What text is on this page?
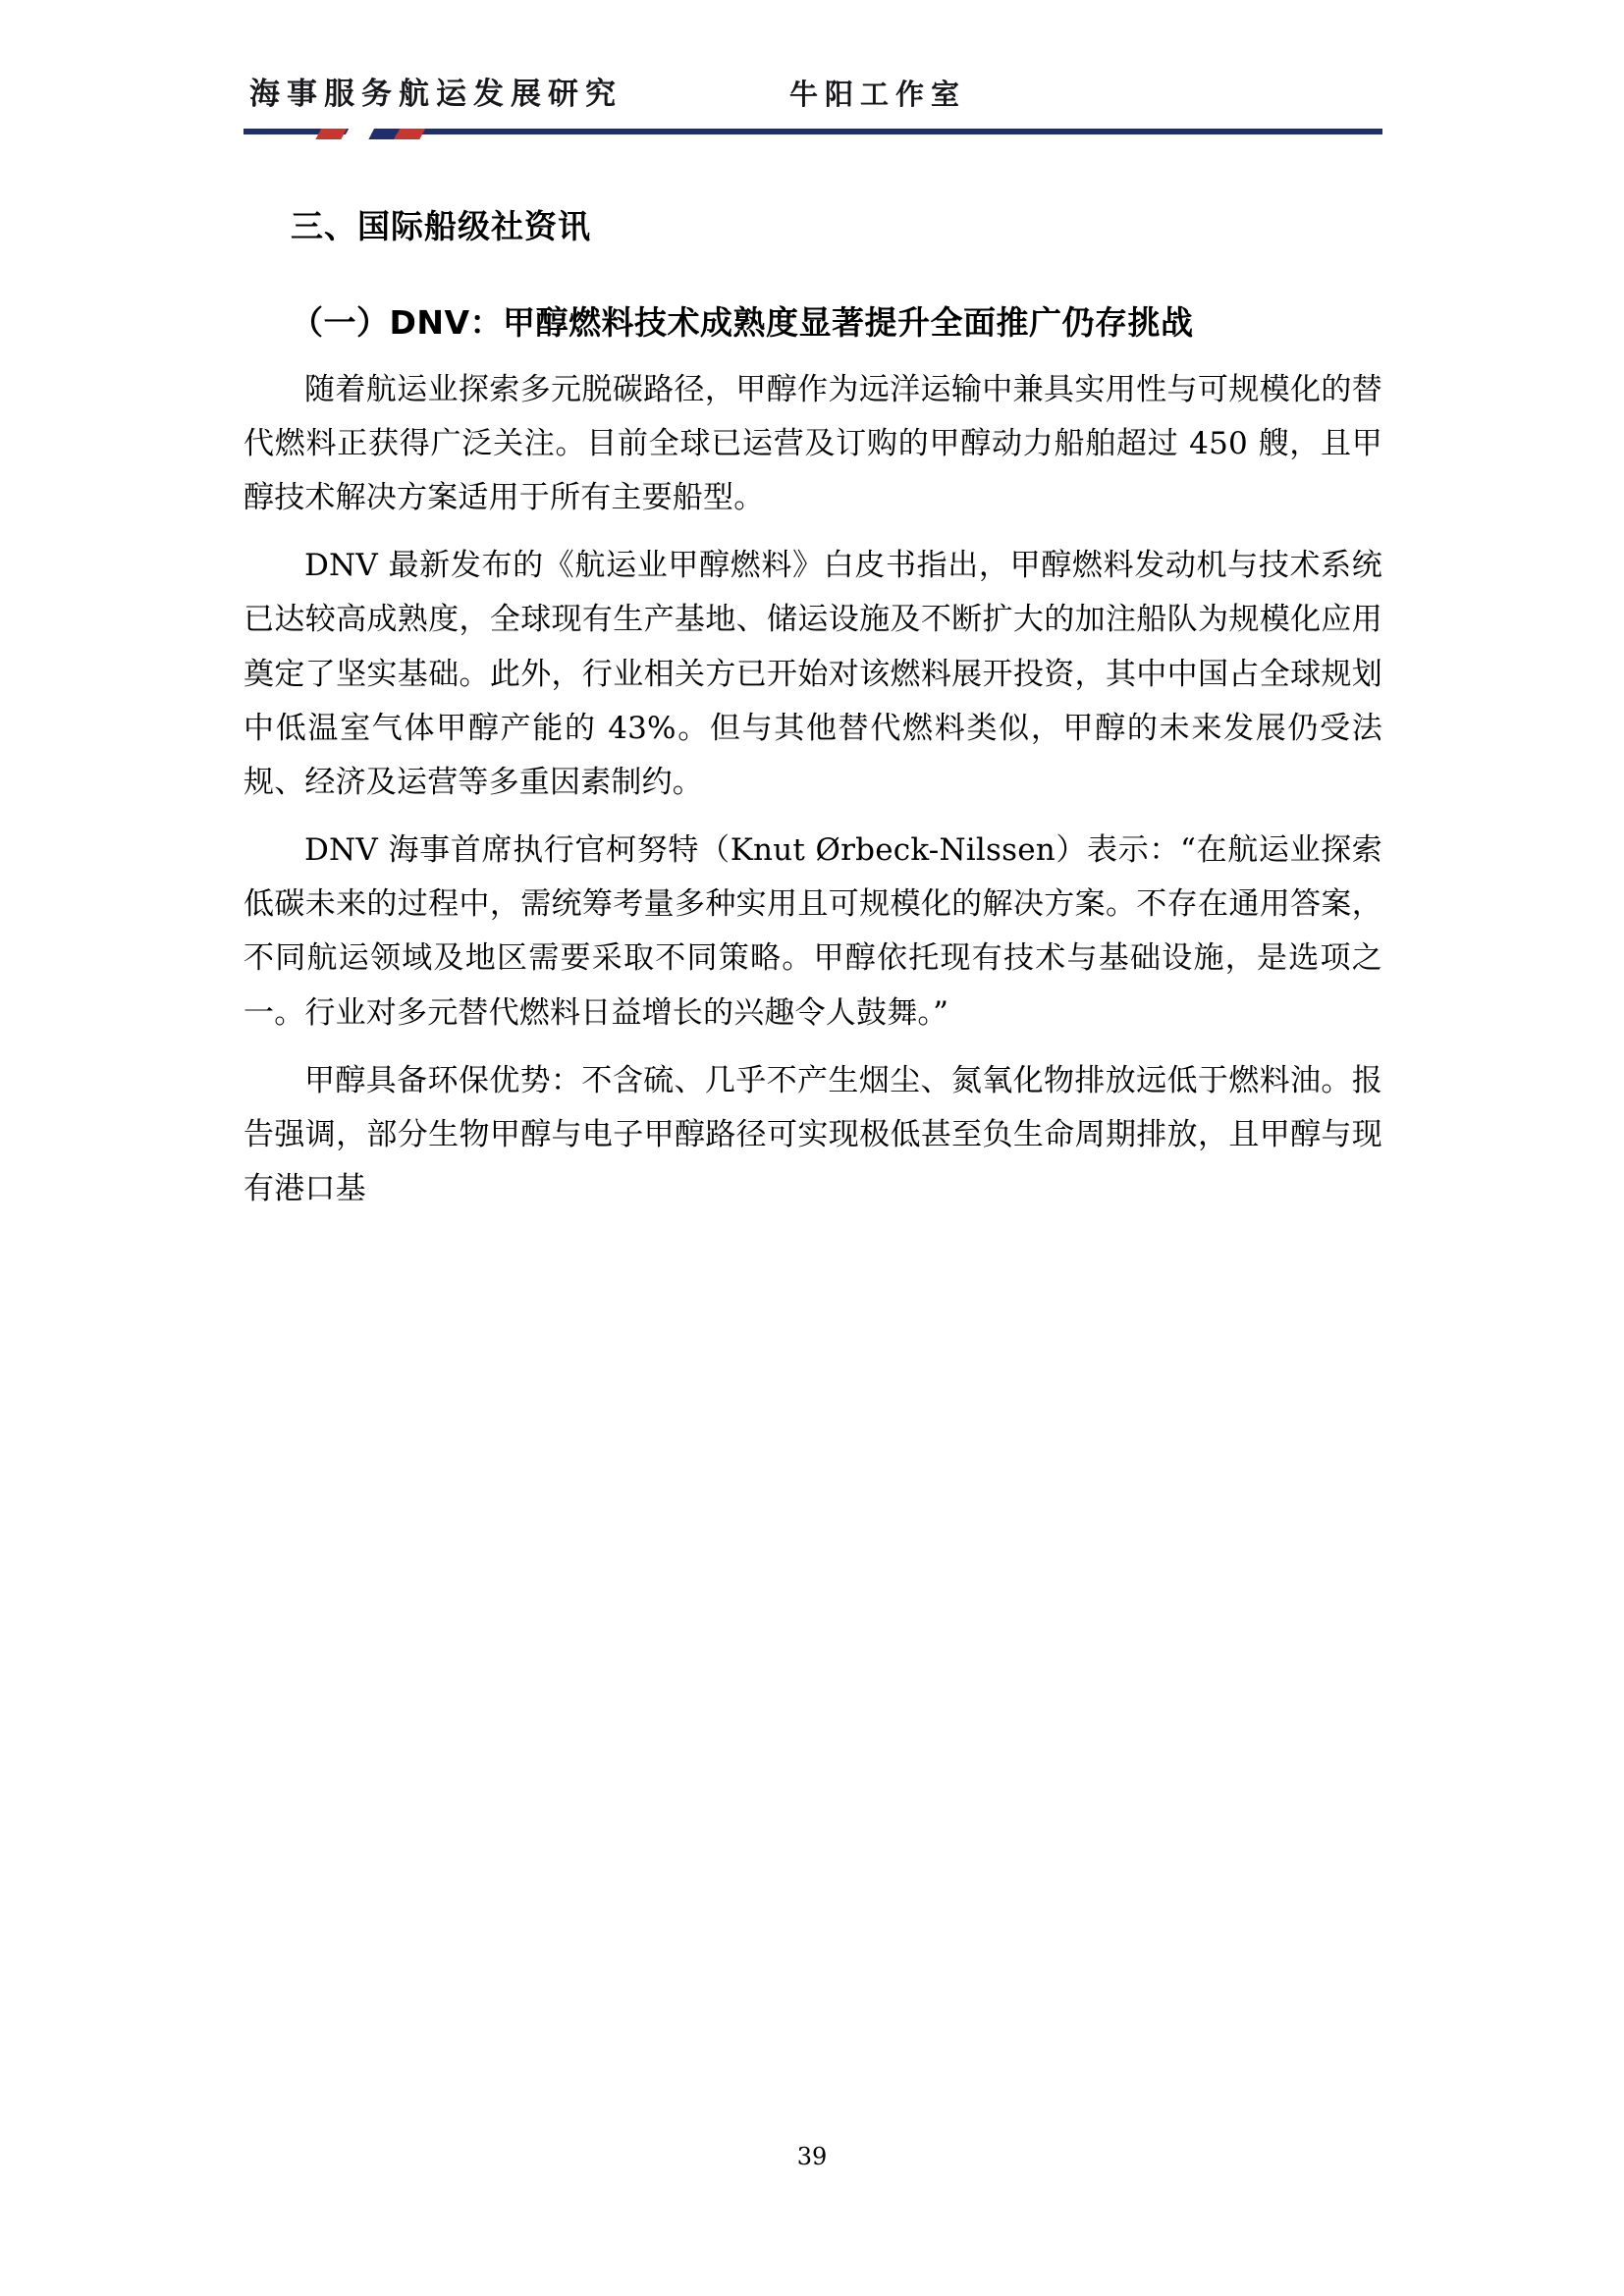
海事服务航运发展研究	牛阳工作室
三、国际船级社资讯
（一）DNV：甲醇燃料技术成熟度显著提升全面推广仍存挑战

随着航运业探索多元脱碳路径，甲醇作为远洋运输中兼具实用性与可规模化的替代燃料正获得广泛关注。目前全球已运营及订购的甲醇动力船舶超过 450 艘，且甲醇技术解决方案适用于所有主要船型。

DNV 最新发布的《航运业甲醇燃料》白皮书指出，甲醇燃料发动机与技术系统已达较高成熟度，全球现有生产基地、储运设施及不断扩大的加注船队为规模化应用奠定了坚实基础。此外，行业相关方已开始对该燃料展开投资，其中中国占全球规划中低温室气体甲醇产能的 43%。但与其他替代燃料类似，甲醇的未来发展仍受法规、经济及运营等多重因素制约。

DNV 海事首席执行官柯努特（Knut Ørbeck-Nilssen）表示：“在航运业探索低碳未来的过程中，需统筹考量多种实用且可规模化的解决方案。不存在通用答案，不同航运领域及地区需要采取不同策略。甲醇依托现有技术与基础设施，是选项之一。行业对多元替代燃料日益增长的兴趣令人鼓舞。”

甲醇具备环保优势：不含硫、几乎不产生烟尘、氮氧化物排放远低于燃料油。报告强调，部分生物甲醇与电子甲醇路径可实现极低甚至负生命周期排放，且甲醇与现有港口基

39
